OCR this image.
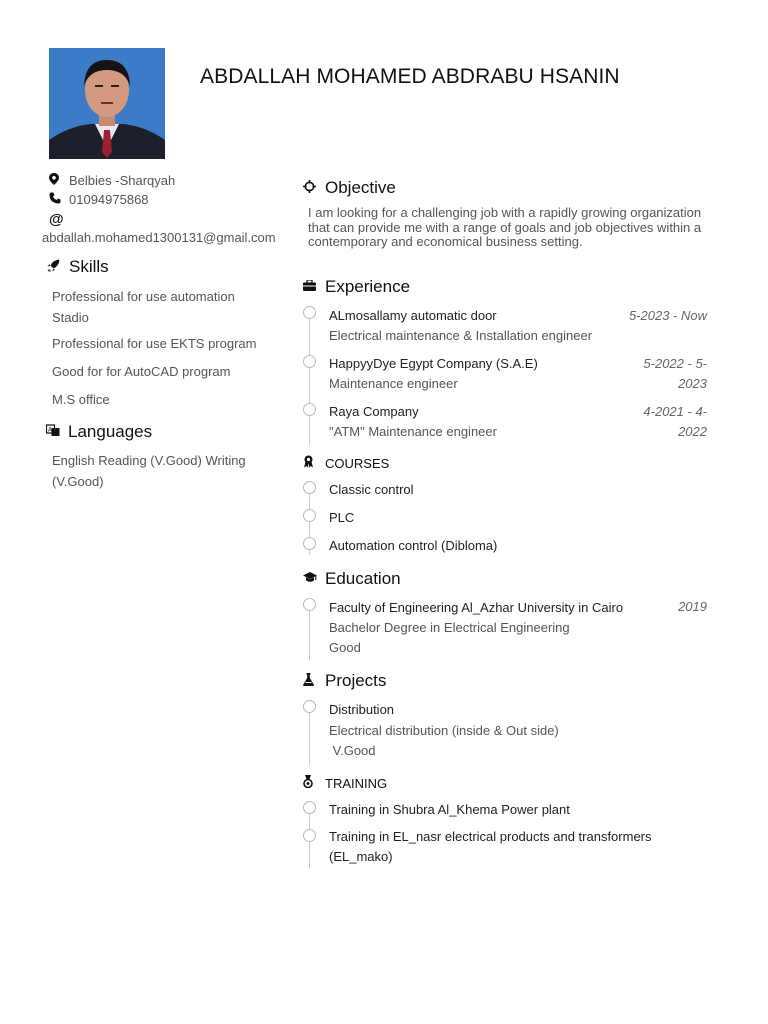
ABDALLAH MOHAMED ABDRABU HSANIN
Belbies -Sharqyah
01094975868
@
abdallah.mohamed1300131@gmail.com
Skills
Professional for use automation Stadio
Professional for use EKTS program
Good for for AutoCAD program
M.S office
A Languages
English Reading (V.Good) Writing (V.Good)
Objective
I am looking for a challenging job with a rapidly growing organization that can provide me with a range of goals and job objectives within a contemporary and economical business setting.
Experience
ALmosallamy automatic door
Electrical maintenance & Installation engineer
5-2023 - Now
HappyyDye Egypt Company (S.A.E)
Maintenance engineer
5-2022 - 5-2023
Raya Company
"ATM" Maintenance engineer
4-2021 - 4-2022
COURSES
Classic control
PLC
Automation control (Dibloma)
Education
Faculty of Engineering Al_Azhar University in Cairo
Bachelor Degree in Electrical Engineering
Good
2019
Projects
Distribution
Electrical distribution (inside & Out side)
V.Good
TRAINING
Training in Shubra Al_Khema Power plant
Training in EL_nasr electrical products and transformers (EL_mako)
